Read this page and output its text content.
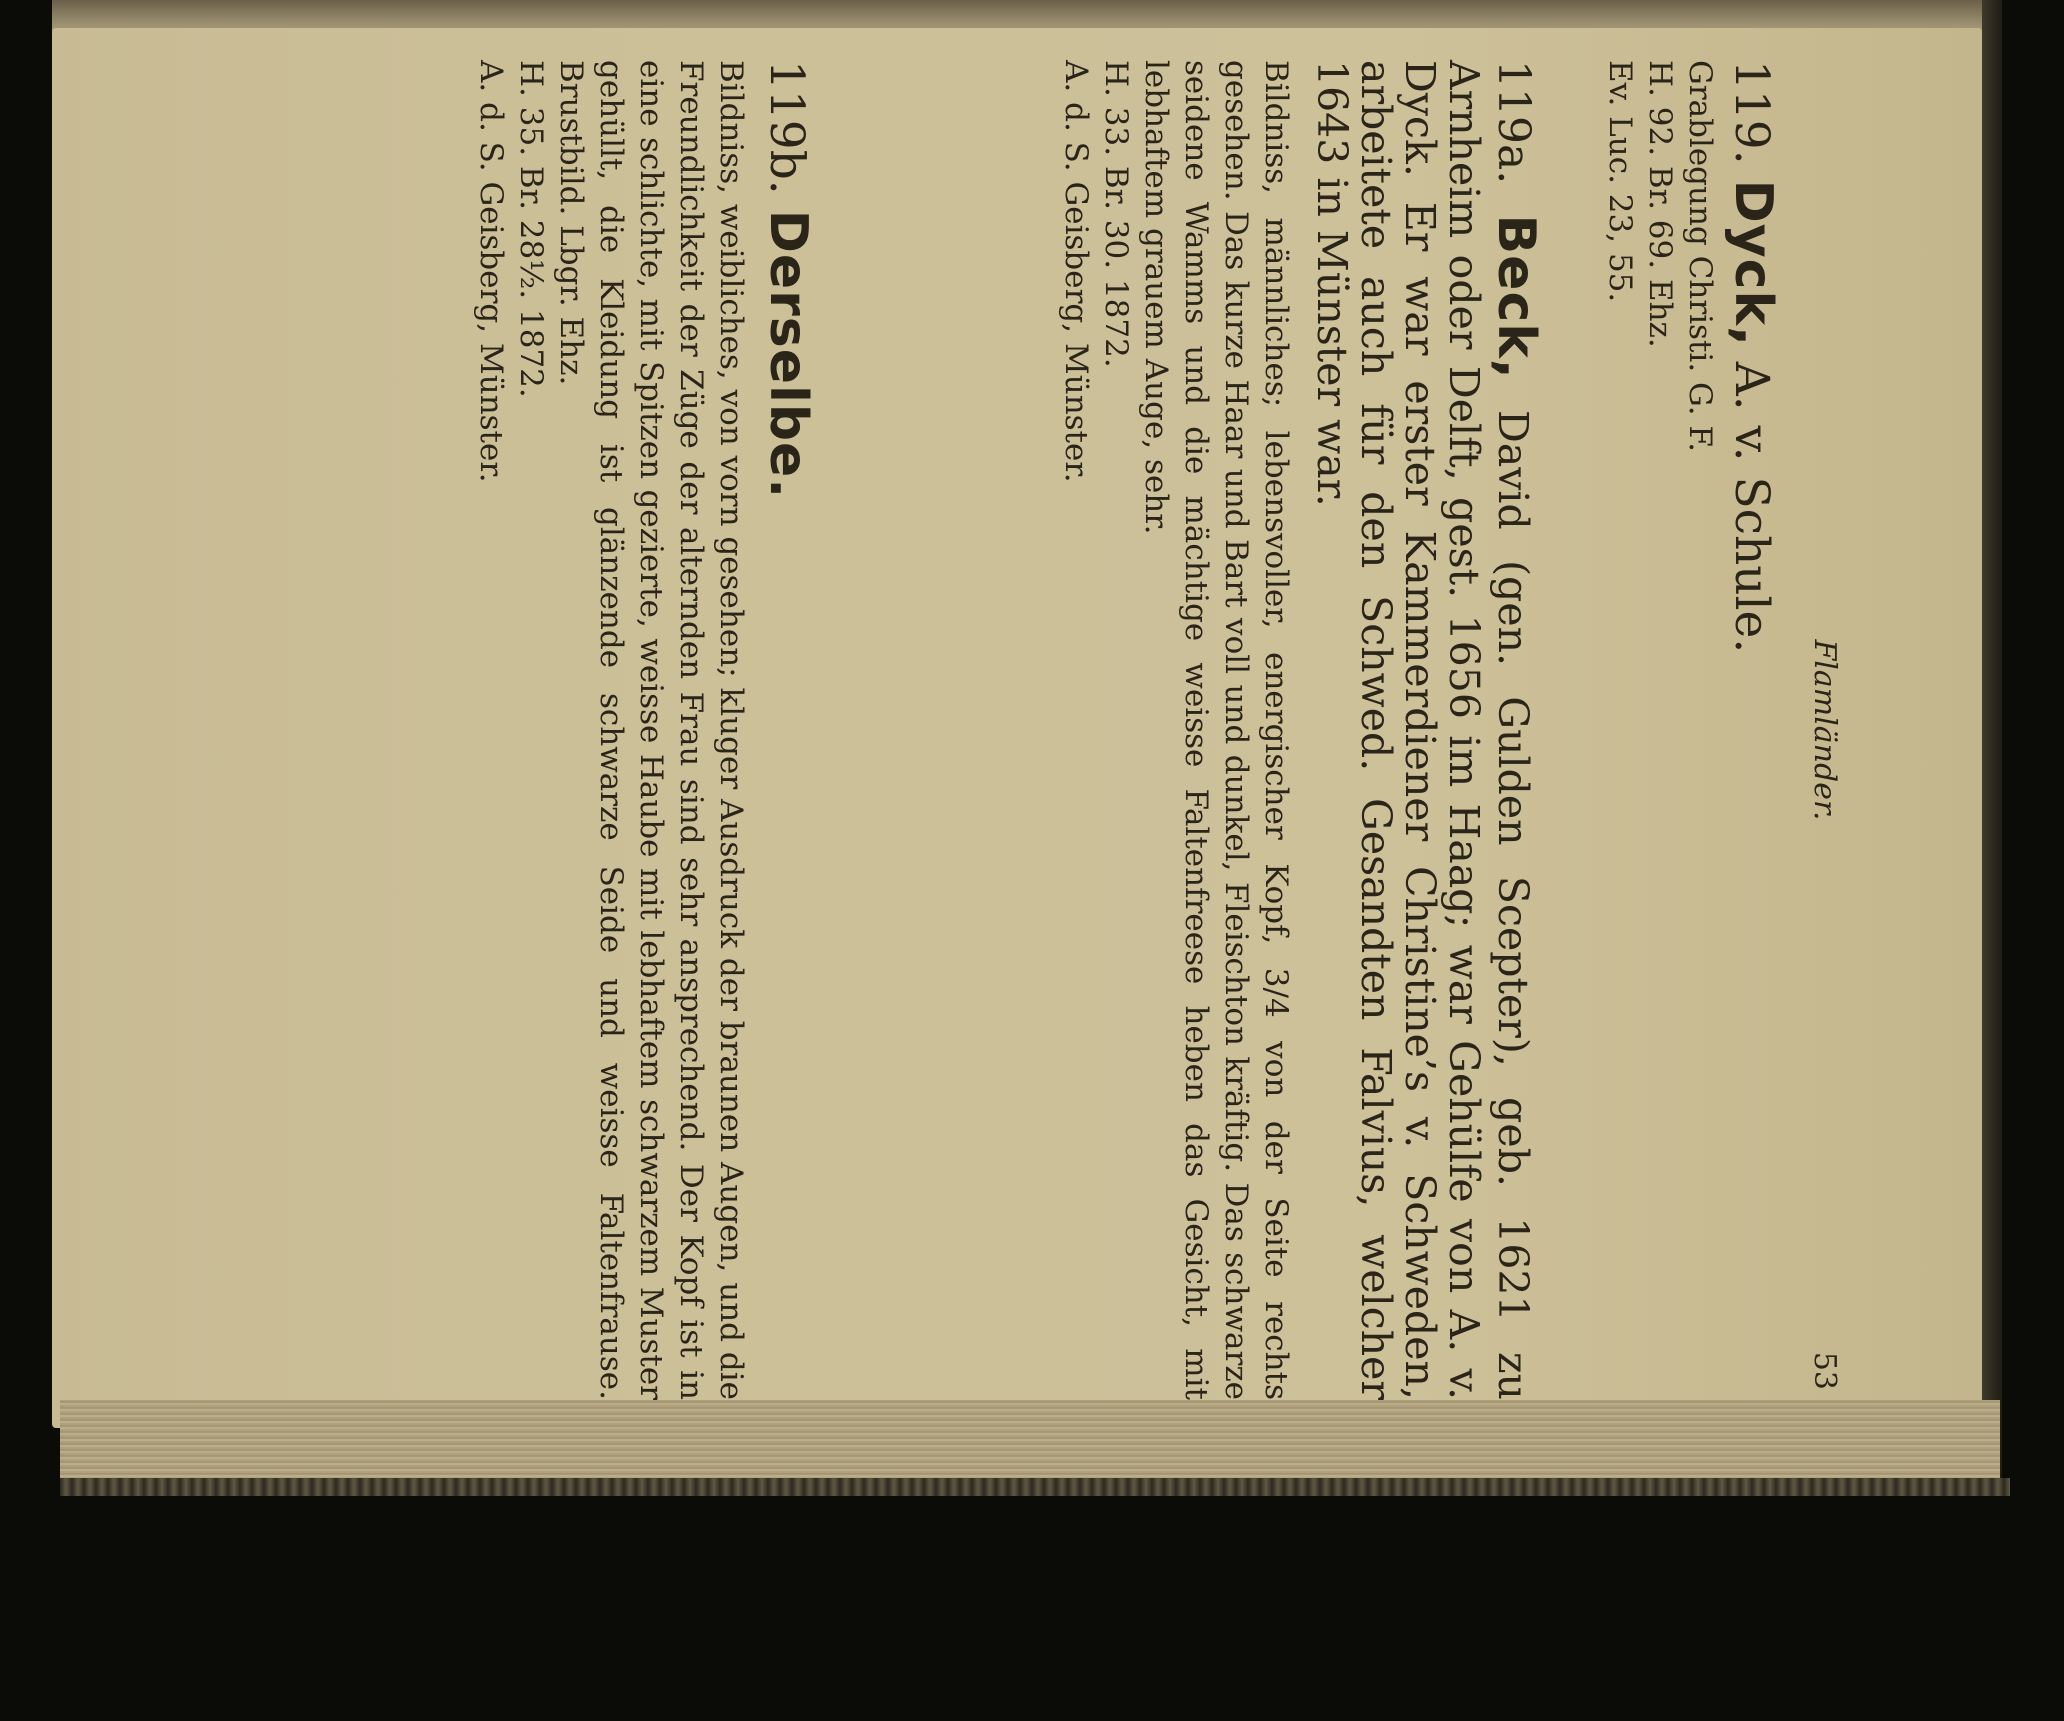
Flamländer.
53

119. Dyck, A. v. Schule.

Grablegung Christi. G. F.

H. 92. Br. 69. Ehz.

Ev. Luc. 23, 55.

119a. Beck, David (gen. Gulden Scepter), geb. 1621 zu Arnheim oder Delft, gest. 1656 im Haag; war Gehülfe von A. v. Dyck. Er war erster Kammerdiener Christine’s v. Schweden, arbeitete auch für den Schwed. Gesandten Falvius, welcher 1643 in Münster war.

Bildniss, männliches; lebensvoller, energischer Kopf, 3/4 von der Seite rechts gesehen. Das kurze Haar und Bart voll und dunkel, Fleischton kräftig. Das schwarze seidene Wamms und die mächtige weisse Faltenfreese heben das Gesicht, mit lebhaftem grauem Auge, sehr.

H. 33. Br. 30. 1872.

A. d. S. Geisberg, Münster.

119b. Derselbe.

Bildniss, weibliches, von vorn gesehen; kluger Ausdruck der braunen Augen, und die Freundlichkeit der Züge der alternden Frau sind sehr ansprechend. Der Kopf ist in eine schlichte, mit Spitzen gezierte, weisse Haube mit lebhaftem schwarzem Muster gehüllt, die Kleidung ist glänzende schwarze Seide und weisse Faltenfrause. Brustbild. Lbgr. Ehz.

H. 35. Br. 28½. 1872.

A. d. S. Geisberg, Münster.
